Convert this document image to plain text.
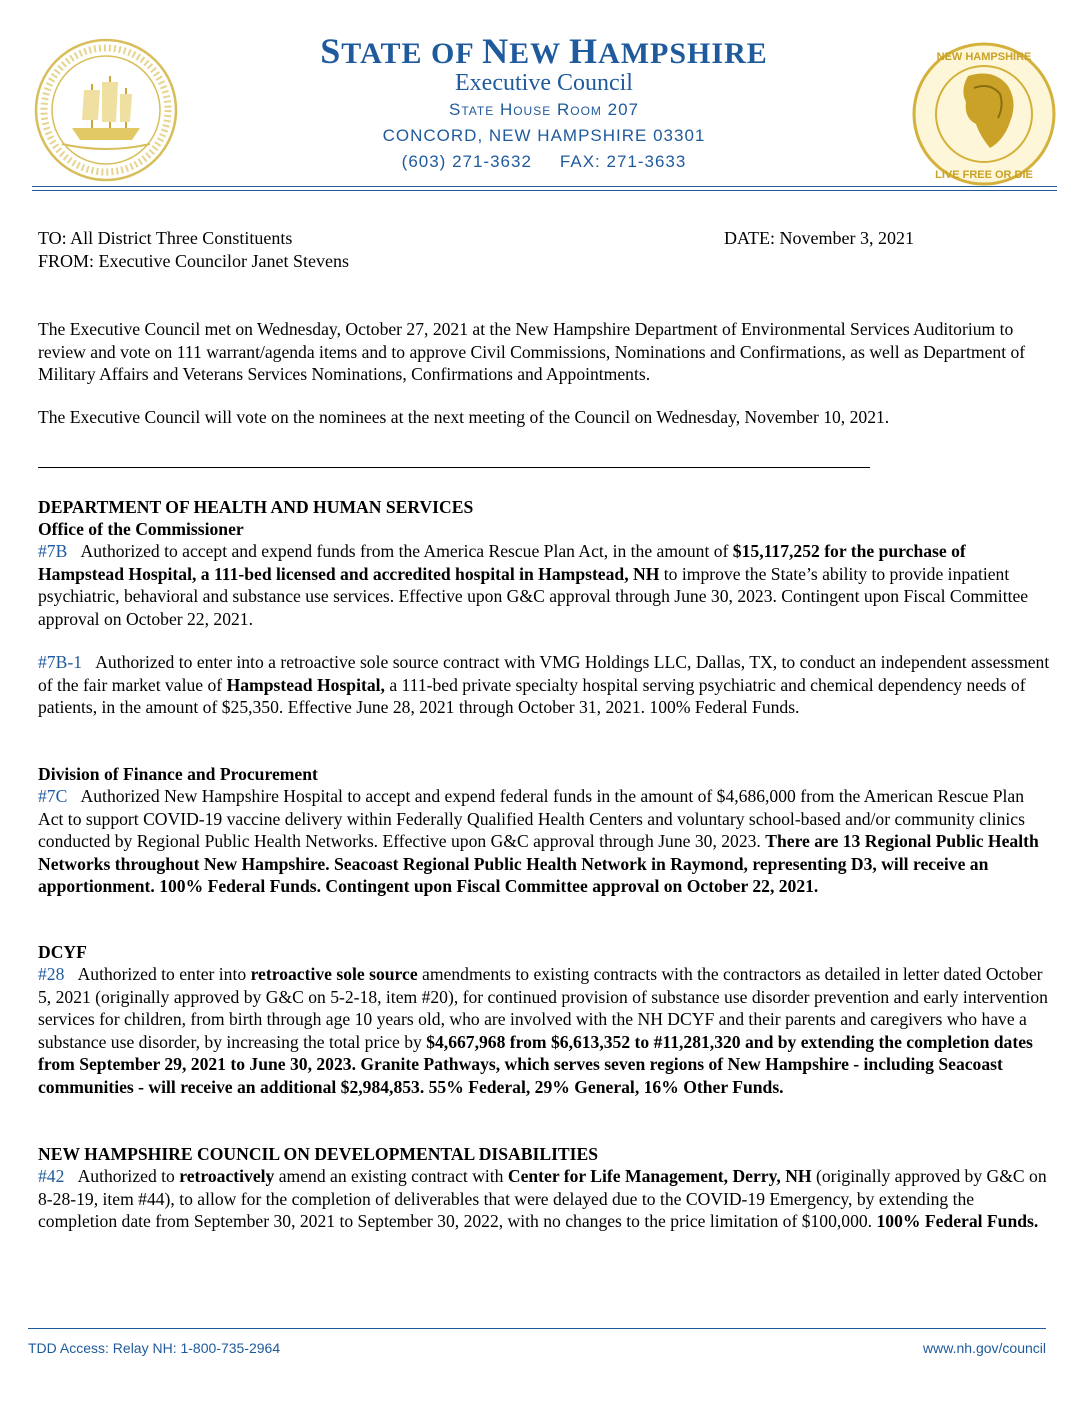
NEW HAMPSHIRE
LIVE FREE OR DIE
STATE OF NEW HAMPSHIRE
Executive Council
State House Room 207
CONCORD, NEW HAMPSHIRE 03301
(603) 271-3632 FAX: 271-3633
TO: All District Three Constituents
FROM: Executive Councilor Janet Stevens
DATE: November 3, 2021
The Executive Council met on Wednesday, October 27, 2021 at the New Hampshire Department of Environmental Services Auditorium to review and vote on 111 warrant/agenda items and to approve Civil Commissions, Nominations and Confirmations, as well as Department of Military Affairs and Veterans Services Nominations, Confirmations and Appointments.
The Executive Council will vote on the nominees at the next meeting of the Council on Wednesday, November 10, 2021.
DEPARTMENT OF HEALTH AND HUMAN SERVICES
Office of the Commissioner

#7B Authorized to accept and expend funds from the America Rescue Plan Act, in the amount of $15,117,252 for the purchase of Hampstead Hospital, a 111-bed licensed and accredited hospital in Hampstead, NH to improve the State’s ability to provide inpatient psychiatric, behavioral and substance use services. Effective upon G&C approval through June 30, 2023. Contingent upon Fiscal Committee approval on October 22, 2021.

#7B-1 Authorized to enter into a retroactive sole source contract with VMG Holdings LLC, Dallas, TX, to conduct an independent assessment of the fair market value of Hampstead Hospital, a 111-bed private specialty hospital serving psychiatric and chemical dependency needs of patients, in the amount of $25,350. Effective June 28, 2021 through October 31, 2021. 100% Federal Funds.

Division of Finance and Procurement

#7C Authorized New Hampshire Hospital to accept and expend federal funds in the amount of $4,686,000 from the American Rescue Plan Act to support COVID-19 vaccine delivery within Federally Qualified Health Centers and voluntary school-based and/or community clinics conducted by Regional Public Health Networks. Effective upon G&C approval through June 30, 2023. There are 13 Regional Public Health Networks throughout New Hampshire. Seacoast Regional Public Health Network in Raymond, representing D3, will receive an apportionment. 100% Federal Funds. Contingent upon Fiscal Committee approval on October 22, 2021.

DCYF

#28 Authorized to enter into retroactive sole source amendments to existing contracts with the contractors as detailed in letter dated October 5, 2021 (originally approved by G&C on 5-2-18, item #20), for continued provision of substance use disorder prevention and early intervention services for children, from birth through age 10 years old, who are involved with the NH DCYF and their parents and caregivers who have a substance use disorder, by increasing the total price by $4,667,968 from $6,613,352 to #11,281,320 and by extending the completion dates from September 29, 2021 to June 30, 2023. Granite Pathways, which serves seven regions of New Hampshire - including Seacoast communities - will receive an additional $2,984,853. 55% Federal, 29% General, 16% Other Funds.

NEW HAMPSHIRE COUNCIL ON DEVELOPMENTAL DISABILITIES

#42 Authorized to retroactively amend an existing contract with Center for Life Management, Derry, NH (originally approved by G&C on 8-28-19, item #44), to allow for the completion of deliverables that were delayed due to the COVID-19 Emergency, by extending the completion date from September 30, 2021 to September 30, 2022, with no changes to the price limitation of $100,000. 100% Federal Funds.

TDD Access: Relay NH: 1-800-735-2964	www.nh.gov/council
